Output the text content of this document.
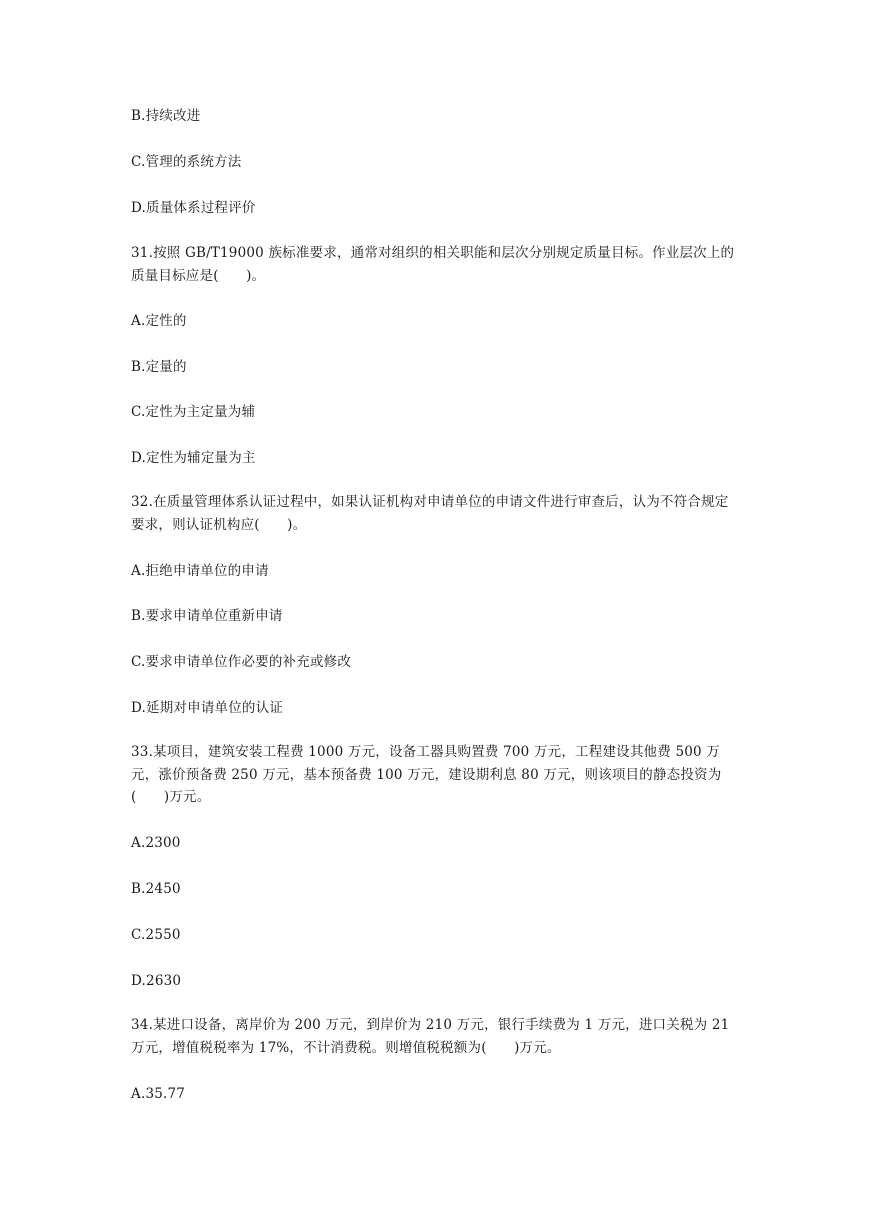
B.持续改进
C.管理的系统方法
D.质量体系过程评价
31.按照 GB/T19000 族标准要求，通常对组织的相关职能和层次分别规定质量目标。作业层次上的质量目标应是(　　)。
A.定性的
B.定量的
C.定性为主定量为辅
D.定性为辅定量为主
32.在质量管理体系认证过程中，如果认证机构对申请单位的申请文件进行审查后，认为不符合规定要求，则认证机构应(　　)。
A.拒绝申请单位的申请
B.要求申请单位重新申请
C.要求申请单位作必要的补充或修改
D.延期对申请单位的认证
33.某项目，建筑安装工程费 1000 万元，设备工器具购置费 700 万元，工程建设其他费 500 万元，涨价预备费 250 万元，基本预备费 100 万元，建设期利息 80 万元，则该项目的静态投资为(　　)万元。
A.2300
B.2450
C.2550
D.2630
34.某进口设备，离岸价为 200 万元，到岸价为 210 万元，银行手续费为 1 万元，进口关税为 21 万元，增值税税率为 17%，不计消费税。则增值税税额为(　　)万元。
A.35.77
